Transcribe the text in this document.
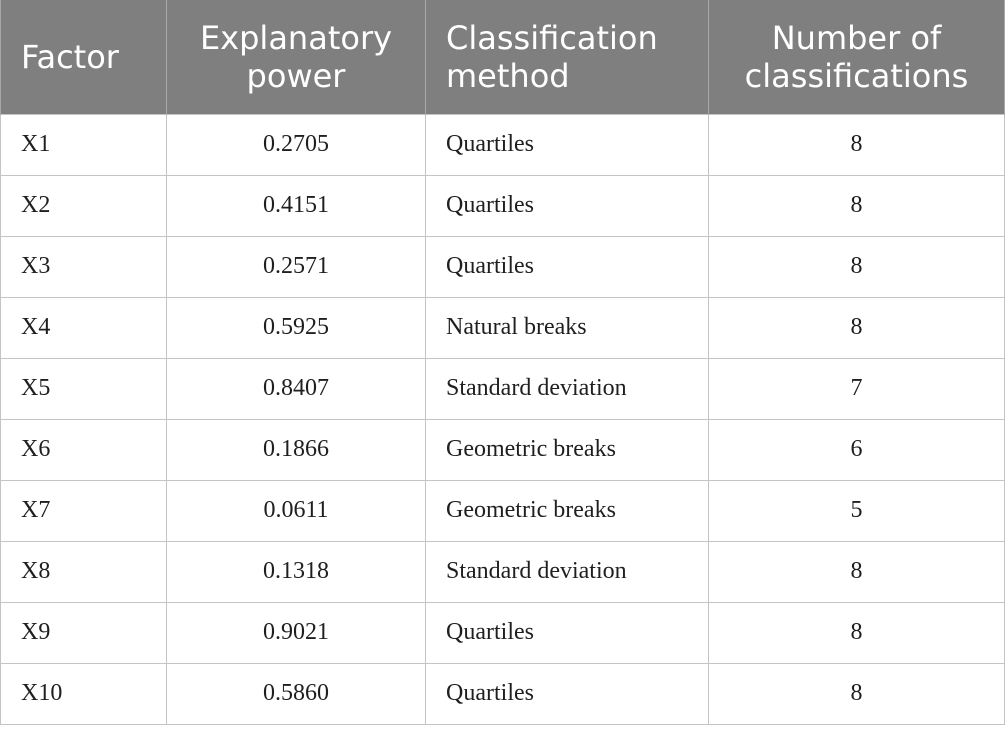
Factor	Explanatory power	Classification method	Number of classifications
X1	0.2705	Quartiles	8
X2	0.4151	Quartiles	8
X3	0.2571	Quartiles	8
X4	0.5925	Natural breaks	8
X5	0.8407	Standard deviation	7
X6	0.1866	Geometric breaks	6
X7	0.0611	Geometric breaks	5
X8	0.1318	Standard deviation	8
X9	0.9021	Quartiles	8
X10	0.5860	Quartiles	8
